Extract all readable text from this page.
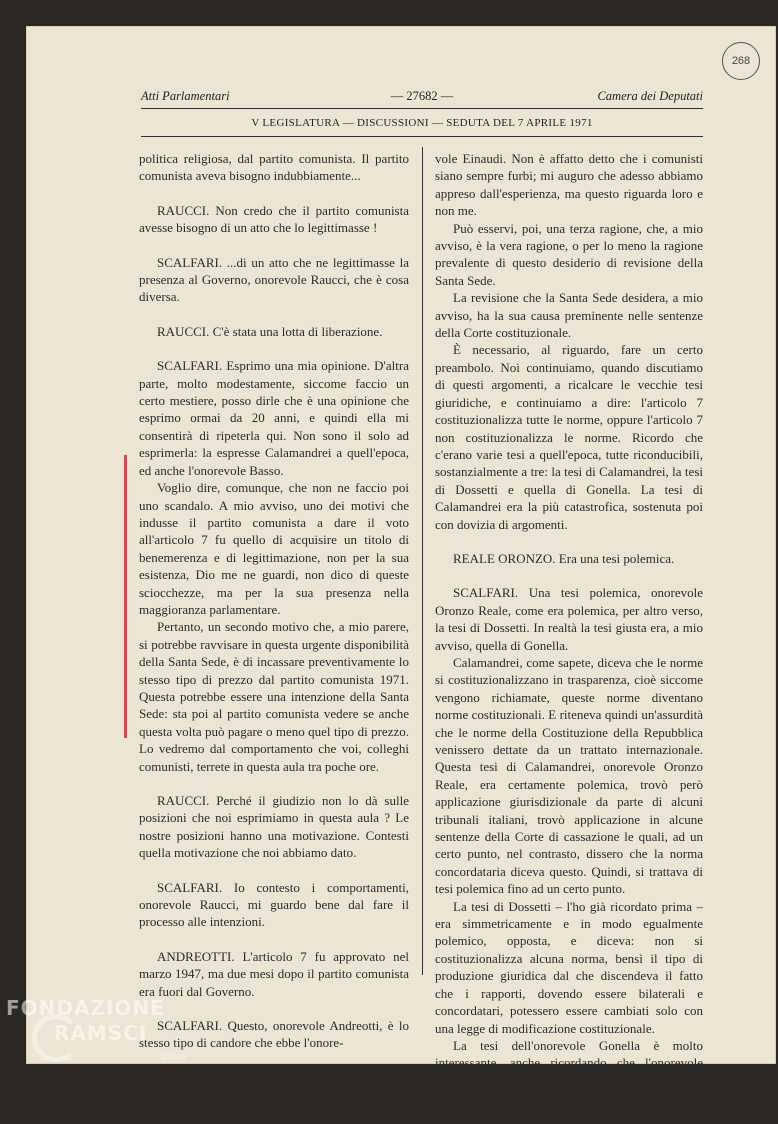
Atti Parlamentari	— 27682 —	Camera dei Deputati
V LEGISLATURA — DISCUSSIONI — SEDUTA DEL 7 APRILE 1971
268

politica religiosa, dal partito comunista. Il partito comunista aveva bisogno indubbiamente...

RAUCCI. Non credo che il partito comunista avesse bisogno di un atto che lo legittimasse !

SCALFARI. ...di un atto che ne legittimasse la presenza al Governo, onorevole Raucci, che è cosa diversa.

RAUCCI. C'è stata una lotta di liberazione.

SCALFARI. Esprimo una mia opinione. D'altra parte, molto modestamente, siccome faccio un certo mestiere, posso dirle che è una opinione che esprimo ormai da 20 anni, e quindi ella mi consentirà di ripeterla qui. Non sono il solo ad esprimerla: la espresse Calamandrei a quell'epoca, ed anche l'onorevole Basso.

Voglio dire, comunque, che non ne faccio poi uno scandalo. A mio avviso, uno dei motivi che indusse il partito comunista a dare il voto all'articolo 7 fu quello di acquisire un titolo di benemerenza e di legittimazione, non per la sua esistenza, Dio me ne guardi, non dico di queste sciocchezze, ma per la sua presenza nella maggioranza parlamentare.

Pertanto, un secondo motivo che, a mio parere, si potrebbe ravvisare in questa urgente disponibilità della Santa Sede, è di incassare preventivamente lo stesso tipo di prezzo dal partito comunista 1971. Questa potrebbe essere una intenzione della Santa Sede: sta poi al partito comunista vedere se anche questa volta può pagare o meno quel tipo di prezzo. Lo vedremo dal comportamento che voi, colleghi comunisti, terrete in questa aula tra poche ore.

RAUCCI. Perché il giudizio non lo dà sulle posizioni che noi esprimiamo in questa aula ? Le nostre posizioni hanno una motivazione. Contesti quella motivazione che noi abbiamo dato.

SCALFARI. Io contesto i comportamenti, onorevole Raucci, mi guardo bene dal fare il processo alle intenzioni.

ANDREOTTI. L'articolo 7 fu approvato nel marzo 1947, ma due mesi dopo il partito comunista era fuori dal Governo.

SCALFARI. Questo, onorevole Andreotti, è lo stesso tipo di candore che ebbe l'onore-

vole Einaudi. Non è affatto detto che i comunisti siano sempre furbi; mi auguro che adesso abbiamo appreso dall'esperienza, ma questo riguarda loro e non me.

Può esservi, poi, una terza ragione, che, a mio avviso, è la vera ragione, o per lo meno la ragione prevalente di questo desiderio di revisione della Santa Sede.

La revisione che la Santa Sede desidera, a mio avviso, ha la sua causa preminente nelle sentenze della Corte costituzionale.

È necessario, al riguardo, fare un certo preambolo. Noi continuiamo, quando discutiamo di questi argomenti, a ricalcare le vecchie tesi giuridiche, e continuiamo a dire: l'articolo 7 costituzionalizza tutte le norme, oppure l'articolo 7 non costituzionalizza le norme. Ricordo che c'erano varie tesi a quell'epoca, tutte riconducibili, sostanzialmente a tre: la tesi di Calamandrei, la tesi di Dossetti e quella di Gonella. La tesi di Calamandrei era la più catastrofica, sostenuta poi con dovizia di argomenti.

REALE ORONZO. Era una tesi polemica.

SCALFARI. Una tesi polemica, onorevole Oronzo Reale, come era polemica, per altro verso, la tesi di Dossetti. In realtà la tesi giusta era, a mio avviso, quella di Gonella.

Calamandrei, come sapete, diceva che le norme si costituzionalizzano in trasparenza, cioè siccome vengono richiamate, queste norme diventano norme costituzionali. E riteneva quindi un'assurdità che le norme della Costituzione della Repubblica venissero dettate da un trattato internazionale. Questa tesi di Calamandrei, onorevole Oronzo Reale, era certamente polemica, trovò però applicazione giurisdizionale da parte di alcuni tribunali italiani, trovò applicazione in alcune sentenze della Corte di cassazione le quali, ad un certo punto, nel contrasto, dissero che la norma concordataria diceva questo. Quindi, si trattava di tesi polemica fino ad un certo punto.

La tesi di Dossetti – l'ho già ricordato prima – era simmetricamente e in modo egualmente polemico, opposta, e diceva: non si costituzionalizza alcuna norma, bensì il tipo di produzione giuridica dal che discendeva il fatto che i rapporti, dovendo essere bilaterali e concordatari, potessero essere cambiati solo con una legge di modificazione costituzionale.

La tesi dell'onorevole Gonella è molto interessante, anche ricordando che l'onorevole Gonella è quello che ha dato avvisi, non da solo, per fortuna, al Governo nella trattativa che si sta per aprire.

FONDAZIONE
RAMSCI
onlus
